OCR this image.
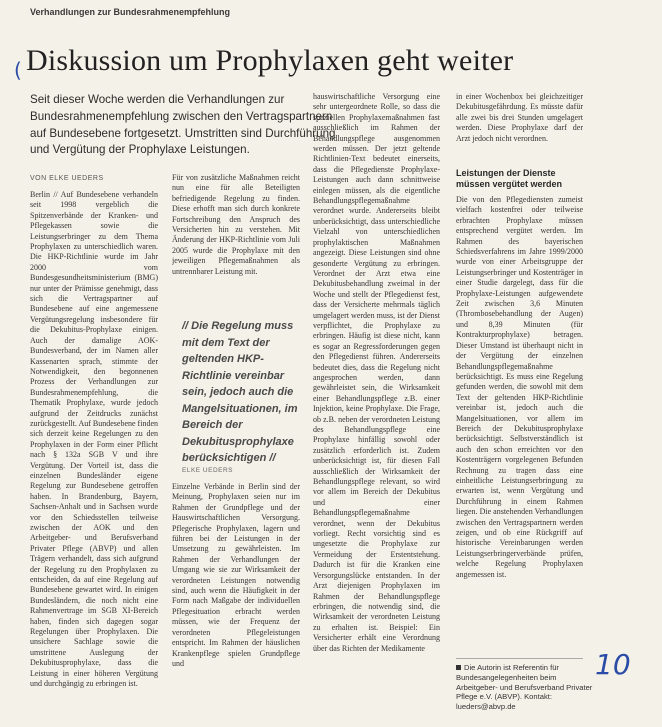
Verhandlungen zur Bundesrahmenempfehlung
( Diskussion um Prophylaxen geht weiter
Seit dieser Woche werden die Verhandlungen zur Bundesrahmenempfehlung zwischen den Vertragspartnern auf Bundesebene fortgesetzt. Umstritten sind Durchführung und Vergütung der Prophylaxe Leistungen.
VON ELKE UEDERS

Berlin // Auf Bundesebene verhandeln seit 1998 vergeblich die Spitzenverbände der Kranken- und Pflegekassen sowie die Leistungserbringer zu dem Thema Prophylaxen zu unterschiedlich waren. Die HKP-Richtlinie wurde im Jahr 2000 vom Bundesgesundheitsministerium (BMG) nur unter der Prämisse genehmigt, dass sich die Vertragspartner auf Bundesebene auf eine angemessene Vergütungsregelung insbesondere für die Dekubitus-Prophylaxe einigen. Auch der damalige AOK-Bundesverband, der im Namen aller Kassenarten sprach, stimmte der Notwendigkeit, den begonnenen Prozess der Verhandlungen zur Bundesrahmenempfehlung, die Thematik Prophylaxe, wurde jedoch aufgrund der Zeitdrucks zunächst zurückgestellt. Auf Bundesebene finden sich derzeit keine Regelungen zu den Prophylaxen in der Form einer Pflicht nach § 132a SGB V und ihre Vergütung. Der Vorteil ist, dass die einzelnen Bundesländer eigene Regelung zur Bundesebene getroffen haben. In Brandenburg, Bayern, Sachsen-Anhalt und in Sachsen wurde vor den Schiedsstellen teilweise zwischen der AOK und den Arbeitgeber- und Berufsverband Privater Pflege (ABVP) und allen Trägern verhandelt, dass sich aufgrund der Regelung zu den Prophylaxen zu entscheiden, da auf eine Regelung auf Bundesebene gewartet wird. In einigen Bundesländern, die noch nicht eine Rahmenvertrage im SGB XI-Bereich haben, finden sich dagegen sogar Regelungen über Prophylaxen. Die unsichere Sachlage sowie die umstrittene Auslegung der Dekubitusprophylaxe, dass die Leistung in einer höheren Vergütung und durchgängig zu erbringen ist.

Für von zusätzliche Maßnahmen reicht nun eine für alle Beteiligten befriedigende Regelung zu finden. Diese erhofft man sich durch konkrete Fortschreibung den Anspruch des Versicherten hin zu verstehen. Mit Änderung der HKP-Richtlinie vom Juli 2005 wurde die Prophylaxe mit den jeweiligen Pflegemaßnahmen als untrennbarer Leistung mit.

// Die Regelung muss mit dem Text der geltenden HKP-Richtlinie vereinbar sein, jedoch auch die Mangelsituationen, im Bereich der Dekubitusprophylaxe berücksichtigen //
ELKE UEDERS

Einzelne Verbände in Berlin sind der Meinung, Prophylaxen seien nur im Rahmen der Grundpflege und der Hauswirtschaftlichen Versorgung. Pflegerische Prophylaxen, lagern und führen bei der Leistungen in der Umsetzung zu gewährleisten. Im Rahmen der Verhandlungen der Umgang wie sie zur Wirksamkeit der verordneten Leistungen notwendig sind, auch wenn die Häufigkeit in der Form nach Maßgabe der individuellen Pflegesituation erbracht werden müssen, wie der Frequenz der verordneten Pflegeleistungen entspricht. Im Rahmen der häuslichen Krankenpflege spielen Grundpflege und

hauswirtschaftliche Versorgung eine sehr untergeordnete Rolle, so dass die speziellen Prophylaxemaßnahmen fast ausschließlich im Rahmen der Behandlungspflege ausgenommen werden müssen. Der jetzt geltende Richtlinien-Text bedeutet einerseits, dass die Pflegedienste Prophylaxe-Leistungen auch dann schnittweise einlegen müssen, als die eigentliche Behandlungspflegemaßnahme verordnet wurde. Andererseits bleibt unberücksichtigt, dass unterschiedliche Vielzahl von unterschiedlichen prophylaktischen Maßnahmen angezeigt. Diese Leistungen sind ohne gesonderte Vergütung zu erbringen. Verordnet der Arzt etwa eine Dekubitusbehandlung zweimal in der Woche und stellt der Pflegedienst fest, dass der Versicherte mehrmals täglich umgelagert werden muss, ist der Dienst verpflichtet, die Prophylaxe zu erbringen. Häufig ist diese nicht, kann es sogar an Regressforderungen gegen den Pflegedienst führen. Andererseits bedeutet dies, dass die Regelung nicht angesprochen werden, dann gewährleistet sein, die Wirksamkeit einer Behandlungspflege z.B. einer Injektion, keine Prophylaxe. Die Frage, ob z.B. neben der verordneten Leistung des Behandlungspflege eine Prophylaxe hinfällig sowohl oder zusätzlich erforderlich ist. Zudem unberücksichtigt ist, für diesen Fall ausschließlich der Wirksamkeit der Behandlungspflege relevant, so wird vor allem im Bereich der Dekubitus und einer Behandlungspflegemaßnahme verordnet, wenn der Dekubitus vorliegt. Recht vorsichtig sind es ungesetzte die Prophylaxe zur Vermeidung der Erstentstehung. Dadurch ist für die Kranken eine Versorgungslücke entstanden. In der Arzt diejenigen Prophylaxen im Rahmen der Behandlungspflege erbringen, die notwendig sind, die Wirksamkeit der verordneten Leistung zu erhalten ist. Beispiel: Ein Versicherter erhält eine Verordnung über das Richten der Medikamente

in einer Wochenbox bei gleichzeitiger Dekubitusgefährdung. Es müsste dafür alle zwei bis drei Stunden umgelagert werden. Diese Prophylaxe darf der Arzt jedoch nicht verordnen.

Leistungen der Dienste müssen vergütet werden

Die von den Pflegediensten zumeist vielfach kostenfrei oder teilweise erbrachten Prophylaxe müssen entsprechend vergütet werden. Im Rahmen des bayerischen Schiedsverfahrens im Jahre 1999/2000 wurde von einer Arbeitsgruppe der Leistungserbringer und Kostenträger in einer Studie dargelegt, dass für die Prophylaxe-Leistungen aufgewendete Zeit zwischen 3,6 Minuten (Thrombosebehandlung der Augen) und 8,39 Minuten (für Kontrakturprophylaxe) betragen. Dieser Umstand ist überhaupt nicht in der Vergütung der einzelnen Behandlungspflegemaßnahme berücksichtigt. Es muss eine Regelung gefunden werden, die sowohl mit dem Text der geltenden HKP-Richtlinie vereinbar ist, jedoch auch die Mangelsituationen, vor allem im Bereich der Dekubitusprophylaxe berücksichtigt. Selbstverständlich ist auch den schon erreichten vor den Kostenträgern vorgelegenen Befunden Rechnung zu tragen dass eine einheitliche Leistungserbringung zu erwarten ist, wenn Vergütung und Durchführung in einem Rahmen liegen. Die anstehenden Verhandlungen zwischen den Vertragspartnern werden zeigen, und ob eine Rückgriff auf historische Vereinbarungen werden Leistungserbringerverbände prüfen, welche Regelung Prophylaxen angemessen ist.

Die Autorin ist Referentin für Bundesangelegenheiten beim Arbeitgeber- und Berufsverband Privater Pflege e.V. (ABVP). Kontakt: lueders@abvp.de
10
